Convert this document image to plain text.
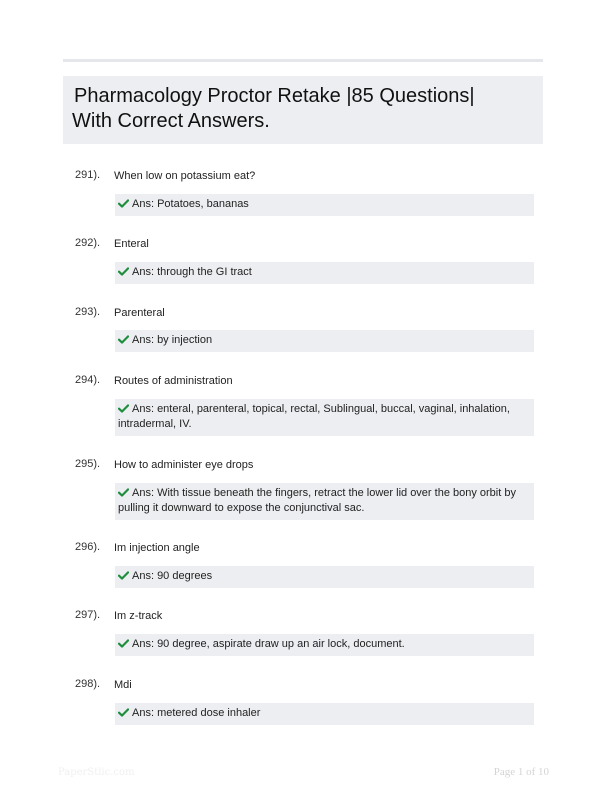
Pharmacology Proctor Retake |85 Questions|
With Correct Answers.
291). When low on potassium eat?
Ans: Potatoes, bananas
292). Enteral
Ans: through the GI tract
293). Parenteral
Ans: by injection
294). Routes of administration
Ans: enteral, parenteral, topical, rectal, Sublingual, buccal, vaginal, inhalation, intradermal, IV.
295). How to administer eye drops
Ans: With tissue beneath the fingers, retract the lower lid over the bony orbit by pulling it downward to expose the conjunctival sac.
296). Im injection angle
Ans: 90 degrees
297). Im z-track
Ans: 90 degree, aspirate draw up an air lock, document.
298). Mdi
Ans: metered dose inhaler
PaperStlic.com	Page 1 of 10
